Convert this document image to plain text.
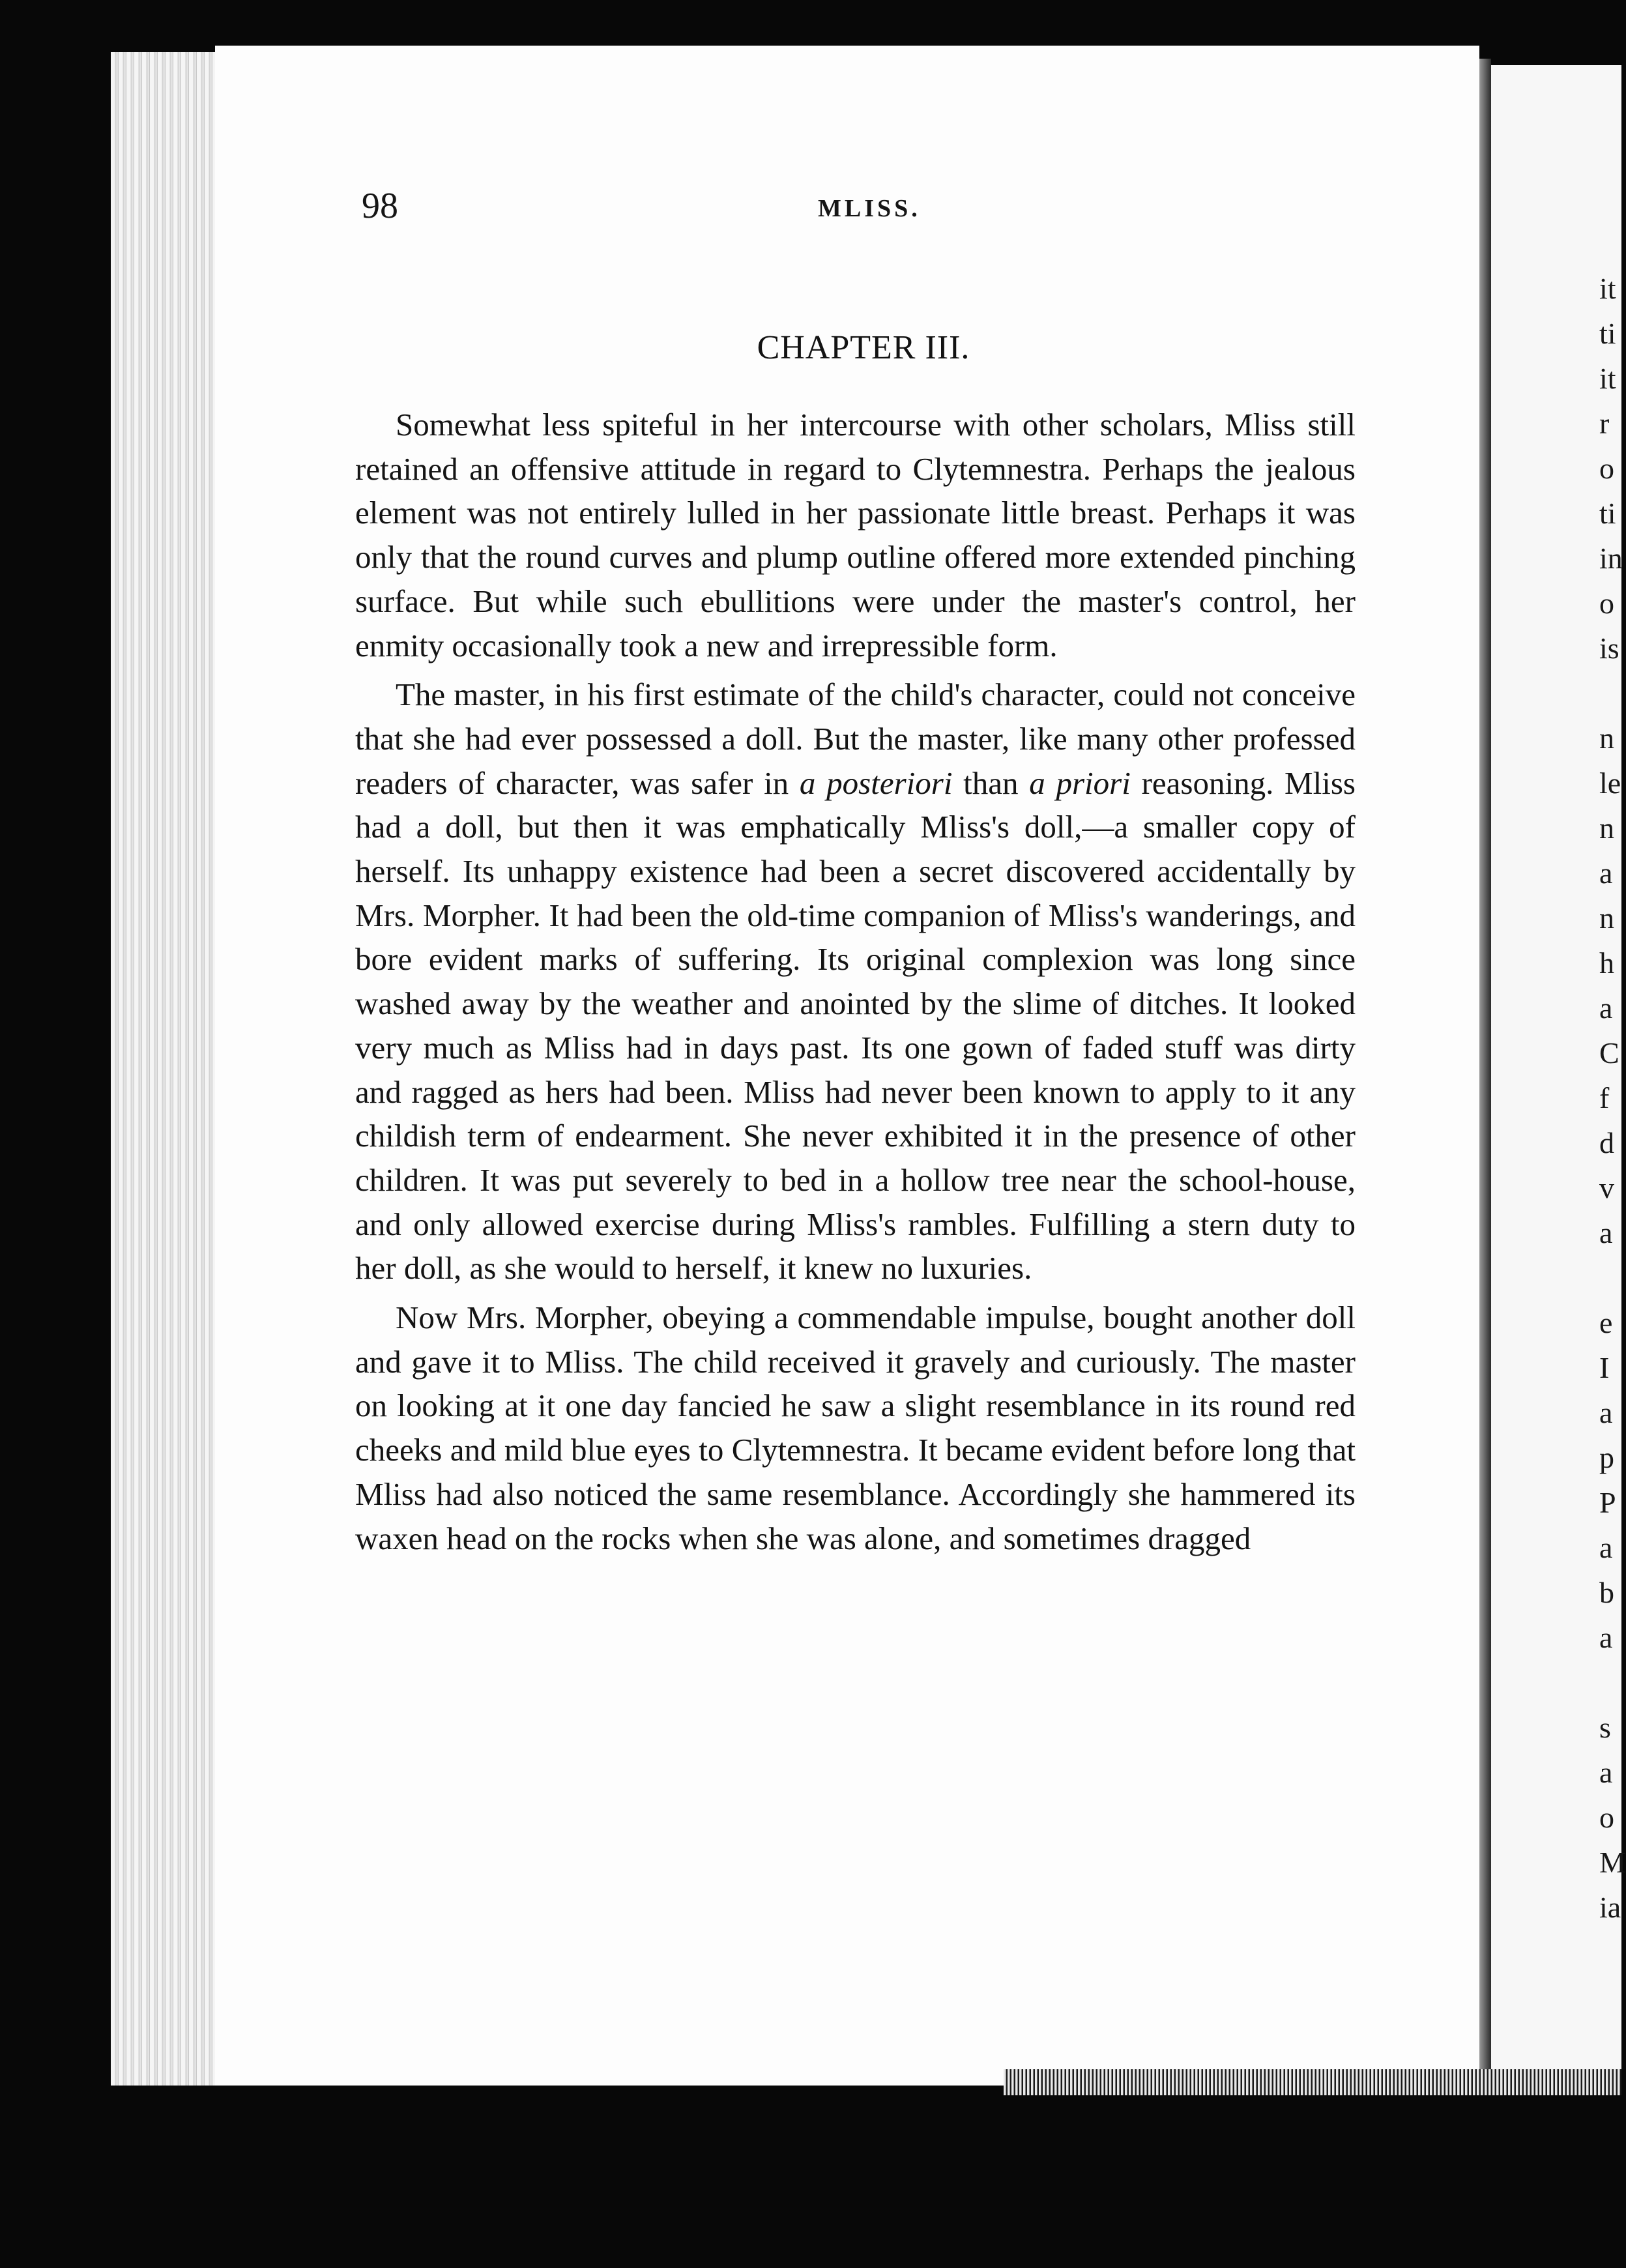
it
ti
it
r
o
ti
in
o
is
n
le
n
a
n
h
a
C
f
d
v
a
e
I
a
p
P
a
b
a
s
a
o
M
ia
98	MLISS.
CHAPTER III.

Somewhat less spiteful in her intercourse with other scholars, Mliss still retained an offensive attitude in regard to Clytemnestra. Perhaps the jealous element was not entirely lulled in her passionate little breast. Perhaps it was only that the round curves and plump outline offered more extended pinching surface. But while such ebullitions were under the master's control, her enmity occasionally took a new and irrepressible form.

The master, in his first estimate of the child's character, could not conceive that she had ever possessed a doll. But the master, like many other professed readers of character, was safer in a posteriori than a priori reasoning. Mliss had a doll, but then it was emphatically Mliss's doll,—a smaller copy of herself. Its unhappy existence had been a secret discovered accidentally by Mrs. Morpher. It had been the old-time companion of Mliss's wanderings, and bore evident marks of suffering. Its original complexion was long since washed away by the weather and anointed by the slime of ditches. It looked very much as Mliss had in days past. Its one gown of faded stuff was dirty and ragged as hers had been. Mliss had never been known to apply to it any childish term of endearment. She never exhibited it in the presence of other children. It was put severely to bed in a hollow tree near the school-house, and only allowed exercise during Mliss's rambles. Fulfilling a stern duty to her doll, as she would to herself, it knew no luxuries.

Now Mrs. Morpher, obeying a commendable impulse, bought another doll and gave it to Mliss. The child received it gravely and curiously. The master on looking at it one day fancied he saw a slight resemblance in its round red cheeks and mild blue eyes to Clytemnestra. It became evident before long that Mliss had also noticed the same resemblance. Accordingly she hammered its waxen head on the rocks when she was alone, and sometimes dragged
